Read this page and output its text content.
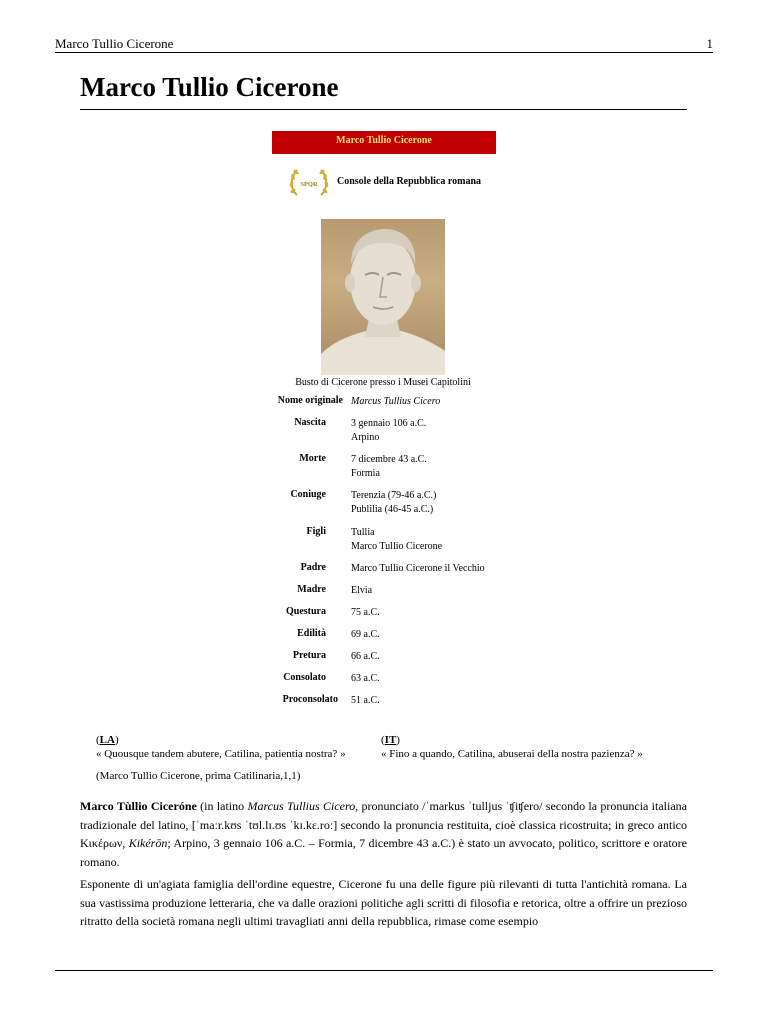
Marco Tullio Cicerone	1
Marco Tullio Cicerone
Marco Tullio Cicerone
SPQR Console della Repubblica romana
Busto di Cicerone presso i Musei Capitolini
Nome originale Marcus Tullius Cicero
Nascita	3 gennaio 106 a.C.
Arpino
Morte	7 dicembre 43 a.C.
Formia
Coniuge	Terenzia (79-46 a.C.)
Publilia (46-45 a.C.)
Figli	Tullia
Marco Tullio Cicerone
Padre	Marco Tullio Cicerone il Vecchio
Madre	Elvia
Questura	75 a.C.
Edilità	69 a.C.
Pretura	66 a.C.
Consolato	63 a.C.
Proconsolato 51 a.C.
(LA)
« Quousque tandem abutere, Catilina, patientia nostra? »
(IT)
« Fino a quando, Catilina, abuserai della nostra pazienza? »
(Marco Tullio Cicerone, prima Catilinaria,1,1)

Marco Tùllio Ciceróne (in latino Marcus Tullius Cicero, pronunciato /ˈmarkus ˈtulljus ˈʧiʧero/ secondo la pronuncia italiana tradizionale del latino, [ˈmaːr.kʊs ˈtʊl.lɪ.ʊs ˈkɪ.kɛ.roː] secondo la pronuncia restituita, cioè classica ricostruita; in greco antico Κικέρων, Kikérōn; Arpino, 3 gennaio 106 a.C. – Formia, 7 dicembre 43 a.C.) è stato un avvocato, politico, scrittore e oratore romano.

Esponente di un'agiata famiglia dell'ordine equestre, Cicerone fu una delle figure più rilevanti di tutta l'antichità romana. La sua vastissima produzione letteraria, che va dalle orazioni politiche agli scritti di filosofia e retorica, oltre a offrire un prezioso ritratto della società romana negli ultimi travagliati anni della repubblica, rimase come esempio
